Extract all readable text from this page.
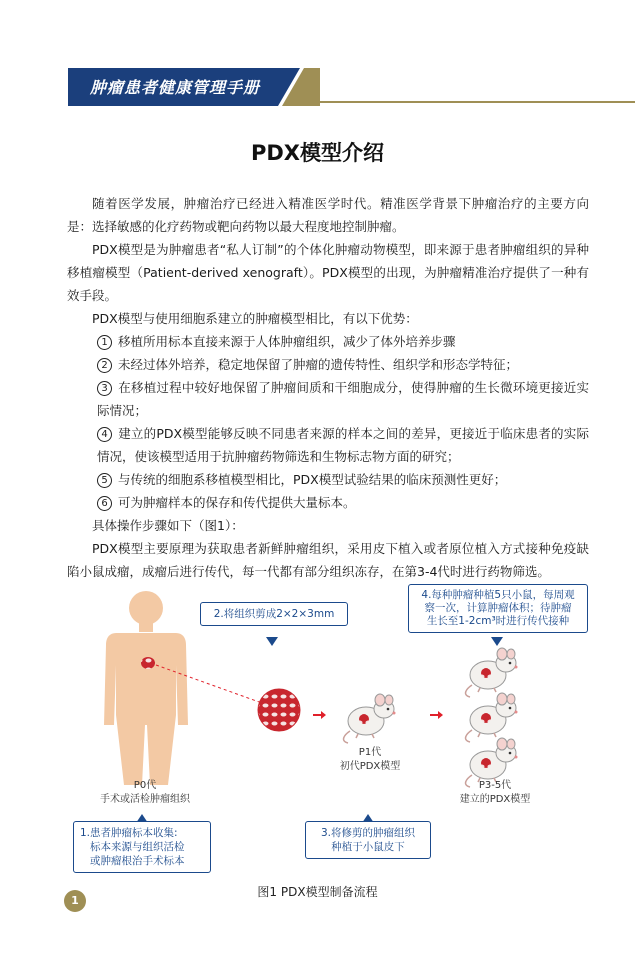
肿瘤患者健康管理手册
PDX模型介绍

随着医学发展，肿瘤治疗已经进入精准医学时代。精准医学背景下肿瘤治疗的主要方向是：选择敏感的化疗药物或靶向药物以最大程度地控制肿瘤。

PDX模型是为肿瘤患者“私人订制”的个体化肿瘤动物模型，即来源于患者肿瘤组织的异种移植瘤模型（Patient-derived xenograft）。PDX模型的出现，为肿瘤精准治疗提供了一种有效手段。

PDX模型与使用细胞系建立的肿瘤模型相比，有以下优势：

1 移植所用标本直接来源于人体肿瘤组织，减少了体外培养步骤

2 未经过体外培养，稳定地保留了肿瘤的遗传特性、组织学和形态学特征；

3 在移植过程中较好地保留了肿瘤间质和干细胞成分，使得肿瘤的生长微环境更接近实际情况；

4 建立的PDX模型能够反映不同患者来源的样本之间的差异，更接近于临床患者的实际情况，使该模型适用于抗肿瘤药物筛选和生物标志物方面的研究；

5 与传统的细胞系移植模型相比，PDX模型试验结果的临床预测性更好；

6 可为肿瘤样本的保存和传代提供大量标本。

具体操作步骤如下（图1）：

PDX模型主要原理为获取患者新鲜肿瘤组织，采用皮下植入或者原位植入方式接种免疫缺陷小鼠成瘤，成瘤后进行传代，每一代都有部分组织冻存，在第3-4代时进行药物筛选。

2.将组织剪成2×2×3mm
4.每种肿瘤种植5只小鼠，每周观
察一次，计算肿瘤体积；待肿瘤
生长至1-2cm³时进行传代接种
P0代
手术或活检肿瘤组织
P1代
初代PDX模型
P3-5代
建立的PDX模型
1.患者肿瘤标本收集:
标本来源与组织活检
或肿瘤根治手术标本
3.将修剪的肿瘤组织
种植于小鼠皮下
图1 PDX模型制备流程
1
